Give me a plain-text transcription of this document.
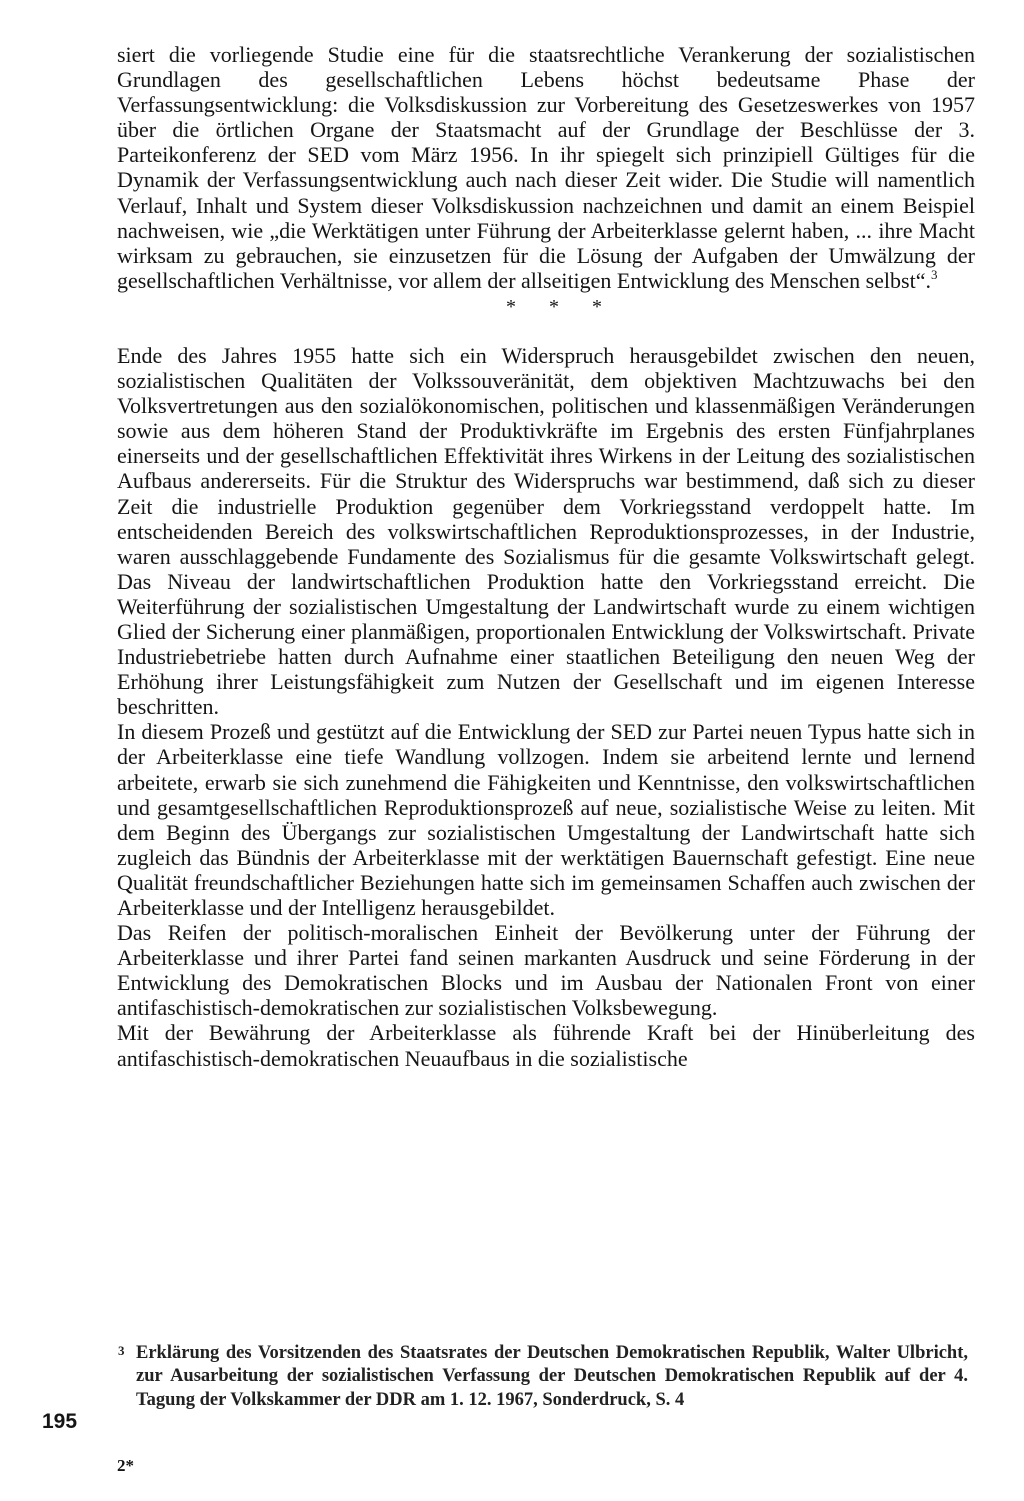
siert die vorliegende Studie eine für die staatsrechtliche Verankerung der sozialistischen Grundlagen des gesellschaftlichen Lebens höchst bedeutsame Phase der Verfassungsentwicklung: die Volksdiskussion zur Vorbereitung des Gesetzeswerkes von 1957 über die örtlichen Organe der Staatsmacht auf der Grundlage der Beschlüsse der 3. Parteikonferenz der SED vom März 1956. In ihr spiegelt sich prinzipiell Gültiges für die Dynamik der Verfassungsentwicklung auch nach dieser Zeit wider. Die Studie will namentlich Verlauf, Inhalt und System dieser Volksdiskussion nachzeichnen und damit an einem Beispiel nachweisen, wie „die Werktätigen unter Führung der Arbeiterklasse gelernt haben, ... ihre Macht wirksam zu gebrauchen, sie einzusetzen für die Lösung der Aufgaben der Umwälzung der gesellschaftlichen Verhältnisse, vor allem der allseitigen Entwicklung des Menschen selbst“.$^3$

* * *

Ende des Jahres 1955 hatte sich ein Widerspruch herausgebildet zwischen den neuen, sozialistischen Qualitäten der Volkssouveränität, dem objektiven Machtzuwachs bei den Volksvertretungen aus den sozialökonomischen, politischen und klassenmäßigen Veränderungen sowie aus dem höheren Stand der Produktivkräfte im Ergebnis des ersten Fünfjahrplanes einerseits und der gesellschaftlichen Effektivität ihres Wirkens in der Leitung des sozialistischen Aufbaus andererseits. Für die Struktur des Widerspruchs war bestimmend, daß sich zu dieser Zeit die industrielle Produktion gegenüber dem Vorkriegsstand verdoppelt hatte. Im entscheidenden Bereich des volkswirtschaftlichen Reproduktionsprozesses, in der Industrie, waren ausschlaggebende Fundamente des Sozialismus für die gesamte Volkswirtschaft gelegt. Das Niveau der landwirtschaftlichen Produktion hatte den Vorkriegsstand erreicht. Die Weiterführung der sozialistischen Umgestaltung der Landwirtschaft wurde zu einem wichtigen Glied der Sicherung einer planmäßigen, proportionalen Entwicklung der Volkswirtschaft. Private Industriebetriebe hatten durch Aufnahme einer staatlichen Beteiligung den neuen Weg der Erhöhung ihrer Leistungsfähigkeit zum Nutzen der Gesellschaft und im eigenen Interesse beschritten.

In diesem Prozeß und gestützt auf die Entwicklung der SED zur Partei neuen Typus hatte sich in der Arbeiterklasse eine tiefe Wandlung vollzogen. Indem sie arbeitend lernte und lernend arbeitete, erwarb sie sich zunehmend die Fähigkeiten und Kenntnisse, den volkswirtschaftlichen und gesamtgesellschaftlichen Reproduktionsprozeß auf neue, sozialistische Weise zu leiten. Mit dem Beginn des Übergangs zur sozialistischen Umgestaltung der Landwirtschaft hatte sich zugleich das Bündnis der Arbeiterklasse mit der werktätigen Bauernschaft gefestigt. Eine neue Qualität freundschaftlicher Beziehungen hatte sich im gemeinsamen Schaffen auch zwischen der Arbeiterklasse und der Intelligenz herausgebildet.

Das Reifen der politisch-moralischen Einheit der Bevölkerung unter der Führung der Arbeiterklasse und ihrer Partei fand seinen markanten Ausdruck und seine Förderung in der Entwicklung des Demokratischen Blocks und im Ausbau der Nationalen Front von einer antifaschistisch-demokratischen zur sozialistischen Volksbewegung.

Mit der Bewährung der Arbeiterklasse als führende Kraft bei der Hinüberleitung des antifaschistisch-demokratischen Neuaufbaus in die sozialistische

3 Erklärung des Vorsitzenden des Staatsrates der Deutschen Demokratischen Republik, Walter Ulbricht, zur Ausarbeitung der sozialistischen Verfassung der Deutschen Demokratischen Republik auf der 4. Tagung der Volkskammer der DDR am 1. 12. 1967, Sonderdruck, S. 4
195
2*
